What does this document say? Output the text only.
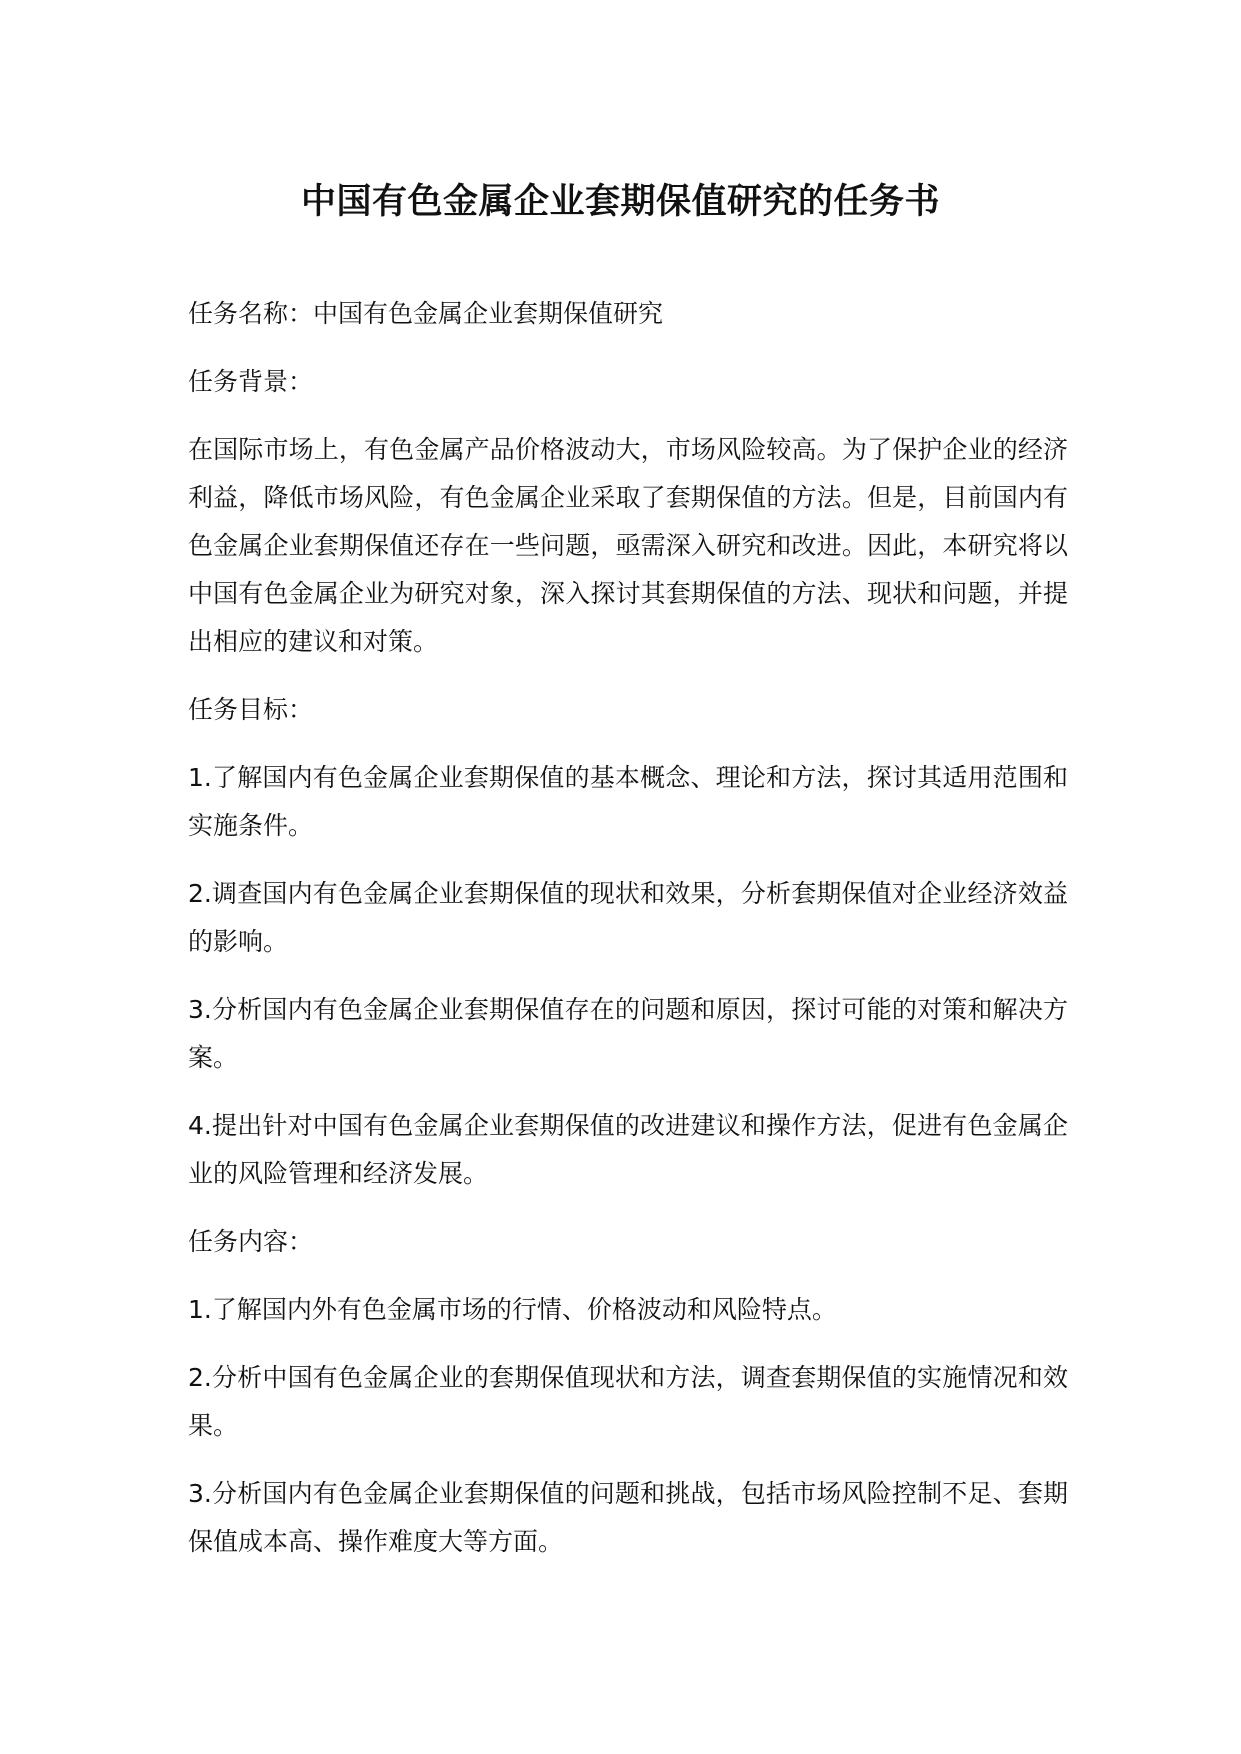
中国有色金属企业套期保值研究的任务书

任务名称：中国有色金属企业套期保值研究

任务背景：

在国际市场上，有色金属产品价格波动大，市场风险较高。为了保护企业的经济利益，降低市场风险，有色金属企业采取了套期保值的方法。但是，目前国内有色金属企业套期保值还存在一些问题，亟需深入研究和改进。因此，本研究将以中国有色金属企业为研究对象，深入探讨其套期保值的方法、现状和问题，并提出相应的建议和对策。

任务目标：

1.了解国内有色金属企业套期保值的基本概念、理论和方法，探讨其适用范围和实施条件。

2.调查国内有色金属企业套期保值的现状和效果，分析套期保值对企业经济效益的影响。

3.分析国内有色金属企业套期保值存在的问题和原因，探讨可能的对策和解决方案。

4.提出针对中国有色金属企业套期保值的改进建议和操作方法，促进有色金属企业的风险管理和经济发展。

任务内容：

1.了解国内外有色金属市场的行情、价格波动和风险特点。

2.分析中国有色金属企业的套期保值现状和方法，调查套期保值的实施情况和效果。

3.分析国内有色金属企业套期保值的问题和挑战，包括市场风险控制不足、套期保值成本高、操作难度大等方面。
